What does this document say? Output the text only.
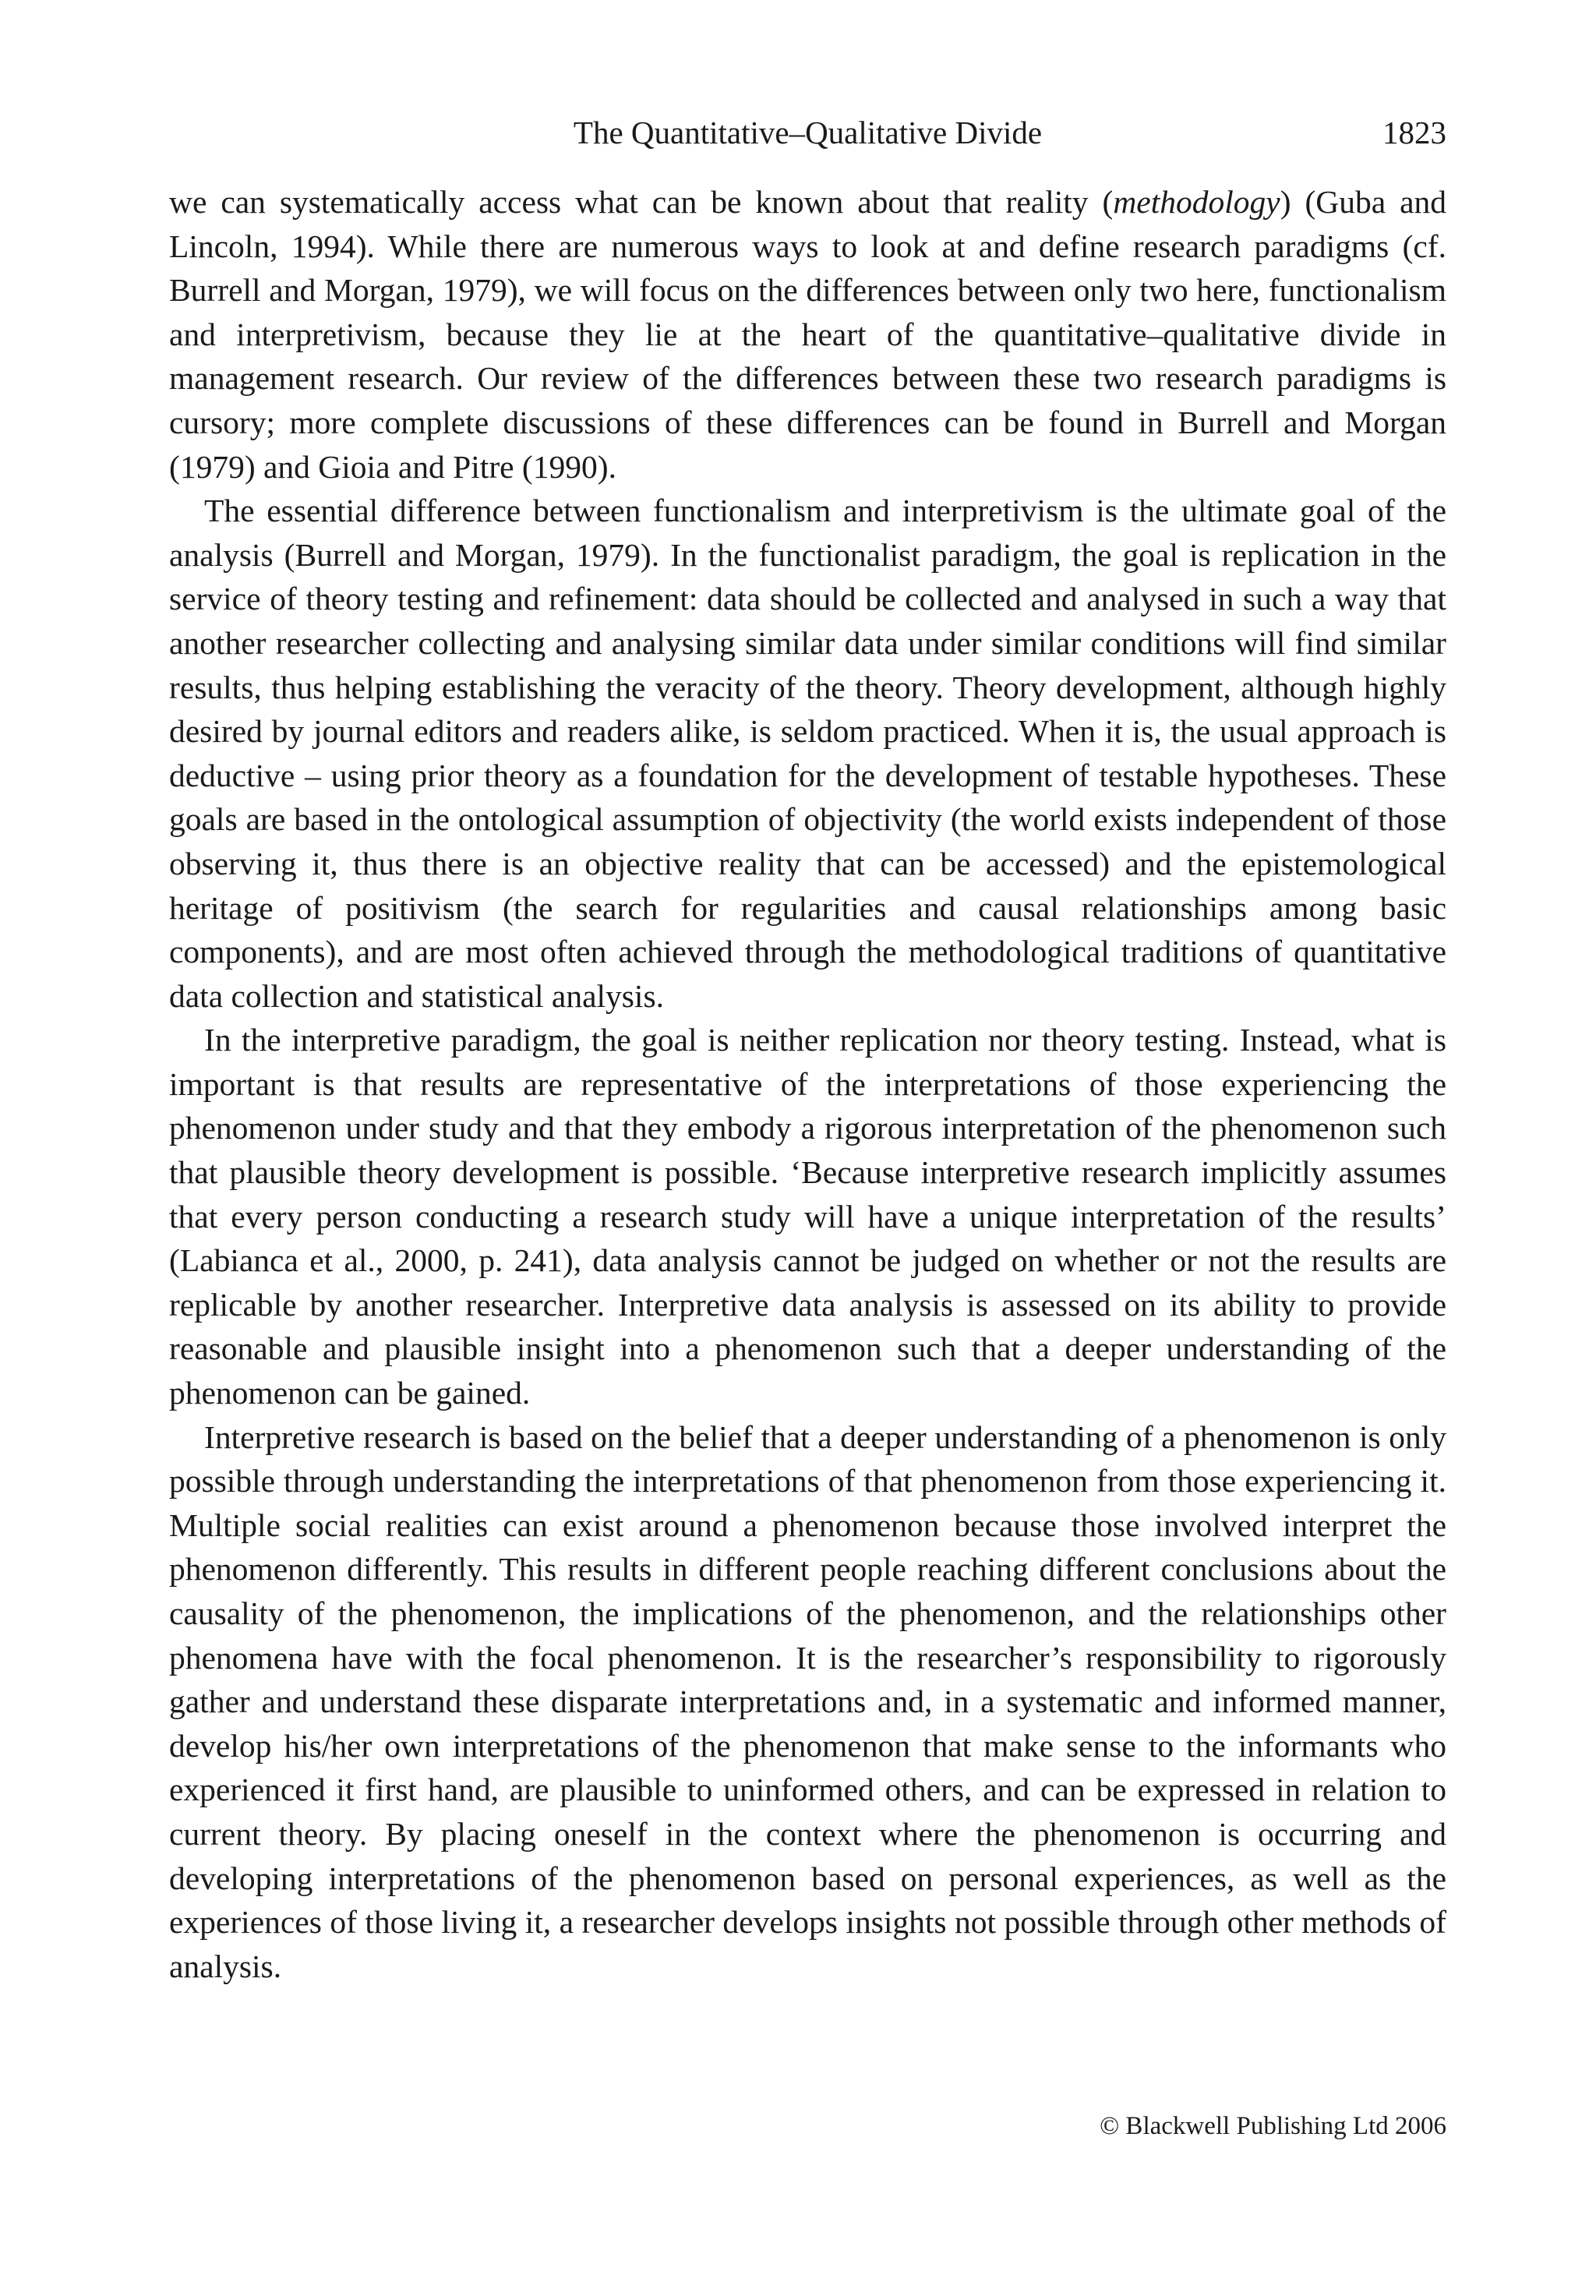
The Quantitative–Qualitative Divide	1823

we can systematically access what can be known about that reality (methodology) (Guba and Lincoln, 1994). While there are numerous ways to look at and define research paradigms (cf. Burrell and Morgan, 1979), we will focus on the differences between only two here, functionalism and interpretivism, because they lie at the heart of the quantitative–qualitative divide in management research. Our review of the differences between these two research paradigms is cursory; more complete discussions of these differences can be found in Burrell and Morgan (1979) and Gioia and Pitre (1990).

The essential difference between functionalism and interpretivism is the ultimate goal of the analysis (Burrell and Morgan, 1979). In the functionalist paradigm, the goal is replication in the service of theory testing and refinement: data should be collected and analysed in such a way that another researcher collecting and analysing similar data under similar conditions will find similar results, thus helping establishing the veracity of the theory. Theory development, although highly desired by journal editors and readers alike, is seldom practiced. When it is, the usual approach is deductive – using prior theory as a foundation for the development of testable hypotheses. These goals are based in the ontological assumption of objectivity (the world exists independent of those observing it, thus there is an objective reality that can be accessed) and the epistemological heritage of positivism (the search for regularities and causal relationships among basic components), and are most often achieved through the methodological traditions of quantitative data collection and statistical analysis.

In the interpretive paradigm, the goal is neither replication nor theory testing. Instead, what is important is that results are representative of the interpretations of those experiencing the phenomenon under study and that they embody a rigorous interpretation of the phenomenon such that plausible theory development is possible. ‘Because interpretive research implicitly assumes that every person conducting a research study will have a unique interpretation of the results’ (Labianca et al., 2000, p. 241), data analysis cannot be judged on whether or not the results are replicable by another researcher. Interpretive data analysis is assessed on its ability to provide reasonable and plausible insight into a phenomenon such that a deeper understanding of the phenomenon can be gained.

Interpretive research is based on the belief that a deeper understanding of a phenomenon is only possible through understanding the interpretations of that phenomenon from those experiencing it. Multiple social realities can exist around a phenomenon because those involved interpret the phenomenon differently. This results in different people reaching different conclusions about the causality of the phenomenon, the implications of the phenomenon, and the relationships other phenomena have with the focal phenomenon. It is the researcher’s responsibility to rigorously gather and understand these disparate interpretations and, in a systematic and informed manner, develop his/her own interpretations of the phenomenon that make sense to the informants who experienced it first hand, are plausible to uninformed others, and can be expressed in relation to current theory. By placing oneself in the context where the phenomenon is occurring and developing interpretations of the phenomenon based on personal experiences, as well as the experiences of those living it, a researcher develops insights not possible through other methods of analysis.

© Blackwell Publishing Ltd 2006
